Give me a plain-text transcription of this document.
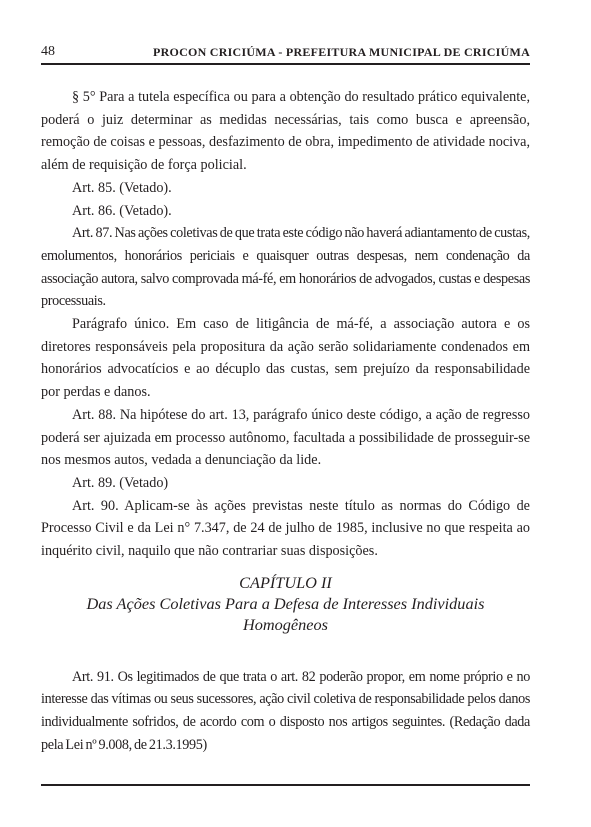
48	PROCON CRICIÚMA - PREFEITURA MUNICIPAL DE CRICIÚMA

§ 5° Para a tutela específica ou para a obtenção do resultado prático equivalente, poderá o juiz determinar as medidas necessárias, tais como busca e apreensão, remoção de coisas e pessoas, desfazimento de obra, impedimento de atividade nociva, além de requisição de força policial.

Art. 85. (Vetado).

Art. 86. (Vetado).

Art. 87. Nas ações coletivas de que trata este código não haverá adiantamento de custas, emolumentos, honorários periciais e quaisquer outras despesas, nem condenação da associação autora, salvo comprovada má-fé, em honorários de advogados, custas e despesas processuais.

Parágrafo único. Em caso de litigância de má-fé, a associação autora e os diretores responsáveis pela propositura da ação serão solidariamente condenados em honorários advocatícios e ao décuplo das custas, sem prejuízo da responsabilidade por perdas e danos.

Art. 88. Na hipótese do art. 13, parágrafo único deste código, a ação de regresso poderá ser ajuizada em processo autônomo, facultada a possibilidade de prosseguir-se nos mesmos autos, vedada a denunciação da lide.

Art. 89. (Vetado)

Art. 90. Aplicam-se às ações previstas neste título as normas do Código de Processo Civil e da Lei n° 7.347, de 24 de julho de 1985, inclusive no que respeita ao inquérito civil, naquilo que não contrariar suas disposições.

CAPÍTULO II

Das Ações Coletivas Para a Defesa de Interesses Individuais

Homogêneos

Art. 91. Os legitimados de que trata o art. 82 poderão propor, em nome próprio e no interesse das vítimas ou seus sucessores, ação civil coletiva de responsabilidade pelos danos individualmente sofridos, de acordo com o disposto nos artigos seguintes. (Redação dada pela Lei nº 9.008, de 21.3.1995)
